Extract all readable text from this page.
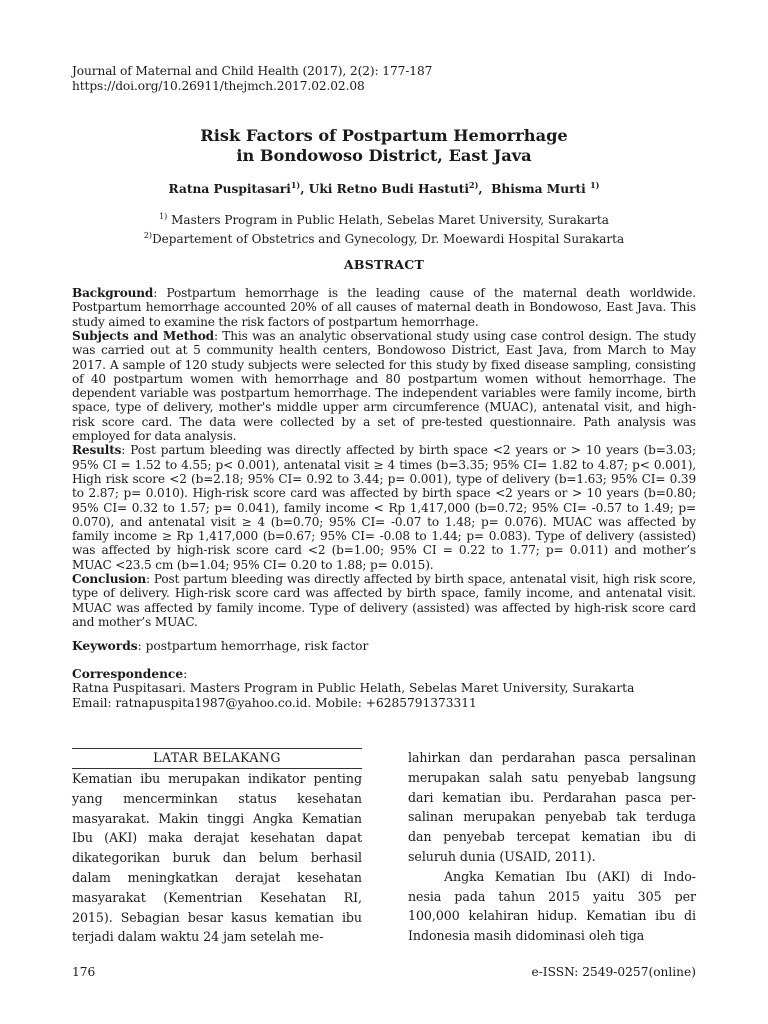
Journal of Maternal and Child Health (2017), 2(2): 177-187
https://doi.org/10.26911/thejmch.2017.02.02.08
Risk Factors of Postpartum Hemorrhage
in Bondowoso District, East Java
Ratna Puspitasari$^{1)}$, Uki Retno Budi Hastuti$^{2)}$,  Bhisma Murti $^{1)}$
$^{1)}$ Masters Program in Public Helath, Sebelas Maret University, Surakarta
$^{2)}$Departement of Obstetrics and Gynecology, Dr. Moewardi Hospital Surakarta
ABSTRACT

Background: Postpartum hemorrhage is the leading cause of the maternal death worldwide. Postpartum hemorrhage accounted 20% of all causes of maternal death in Bondowoso, East Java. This study aimed to examine the risk factors of postpartum hemorrhage.

Subjects and Method: This was an analytic observational study using case control design. The study was carried out at 5 community health centers, Bondowoso District, East Java, from March to May 2017. A sample of 120 study subjects were selected for this study by fixed disease sampling, consisting of 40 postpartum women with hemorrhage and 80 postpartum women without hemorrhage. The dependent variable was postpartum hemorrhage. The independent variables were family income, birth space, type of delivery, mother's middle upper arm circumference (MUAC), antenatal visit, and high-risk score card. The data were collected by a set of pre-tested questionnaire. Path analysis was employed for data analysis.

Results: Post partum bleeding was directly affected by birth space <2 years or > 10 years (b=3.03; 95% CI = 1.52 to 4.55; p< 0.001), antenatal visit ≥ 4 times (b=3.35; 95% CI= 1.82 to 4.87; p< 0.001), High risk score <2 (b=2.18; 95% CI= 0.92 to 3.44; p= 0.001), type of delivery (b=1.63; 95% CI= 0.39 to 2.87; p= 0.010). High-risk score card was affected by birth space <2 years or > 10 years (b=0.80; 95% CI= 0.32 to 1.57; p= 0.041), family income < Rp 1,417,000 (b=0.72; 95% CI= -0.57 to 1.49; p= 0.070), and antenatal visit ≥ 4 (b=0.70; 95% CI= -0.07 to 1.48; p= 0.076). MUAC was affected by family income ≥ Rp 1,417,000 (b=0.67; 95% CI= -0.08 to 1.44; p= 0.083). Type of delivery (assisted) was affected by high-risk score card <2 (b=1.00; 95% CI = 0.22 to 1.77; p= 0.011) and mother’s MUAC <23.5 cm (b=1.04; 95% CI= 0.20 to 1.88; p= 0.015).

Conclusion: Post partum bleeding was directly affected by birth space, antenatal visit, high risk score, type of delivery. High-risk score card was affected by birth space, family income, and antenatal visit. MUAC was affected by family income. Type of delivery (assisted) was affected by high-risk score card and mother’s MUAC.

Keywords: postpartum hemorrhage, risk factor
Correspondence:
Ratna Puspitasari. Masters Program in Public Helath, Sebelas Maret University, Surakarta
Email: ratnapuspita1987@yahoo.co.id. Mobile: +6285791373311
LATAR BELAKANG
Kematian ibu merupakan indikator penting yang mencerminkan status kesehatan masyarakat. Makin tinggi Angka Kematian Ibu (AKI) maka derajat kesehatan dapat dikategorikan buruk dan belum berhasil dalam meningkatkan derajat kesehatan masyarakat (Kementrian Kesehatan RI, 2015). Sebagian besar kasus kematian ibu terjadi dalam waktu 24 jam setelah me-

lahirkan dan perdarahan pasca persalinan merupakan salah satu penyebab langsung dari kematian ibu. Perdarahan pasca per-salinan merupakan penyebab tak terduga dan penyebab tercepat kematian ibu di seluruh dunia (USAID, 2011).

Angka Kematian Ibu (AKI) di Indo-nesia pada tahun 2015 yaitu 305 per 100,000 kelahiran hidup. Kematian ibu di Indonesia masih didominasi oleh tiga

176	e-ISSN: 2549-0257(online)
